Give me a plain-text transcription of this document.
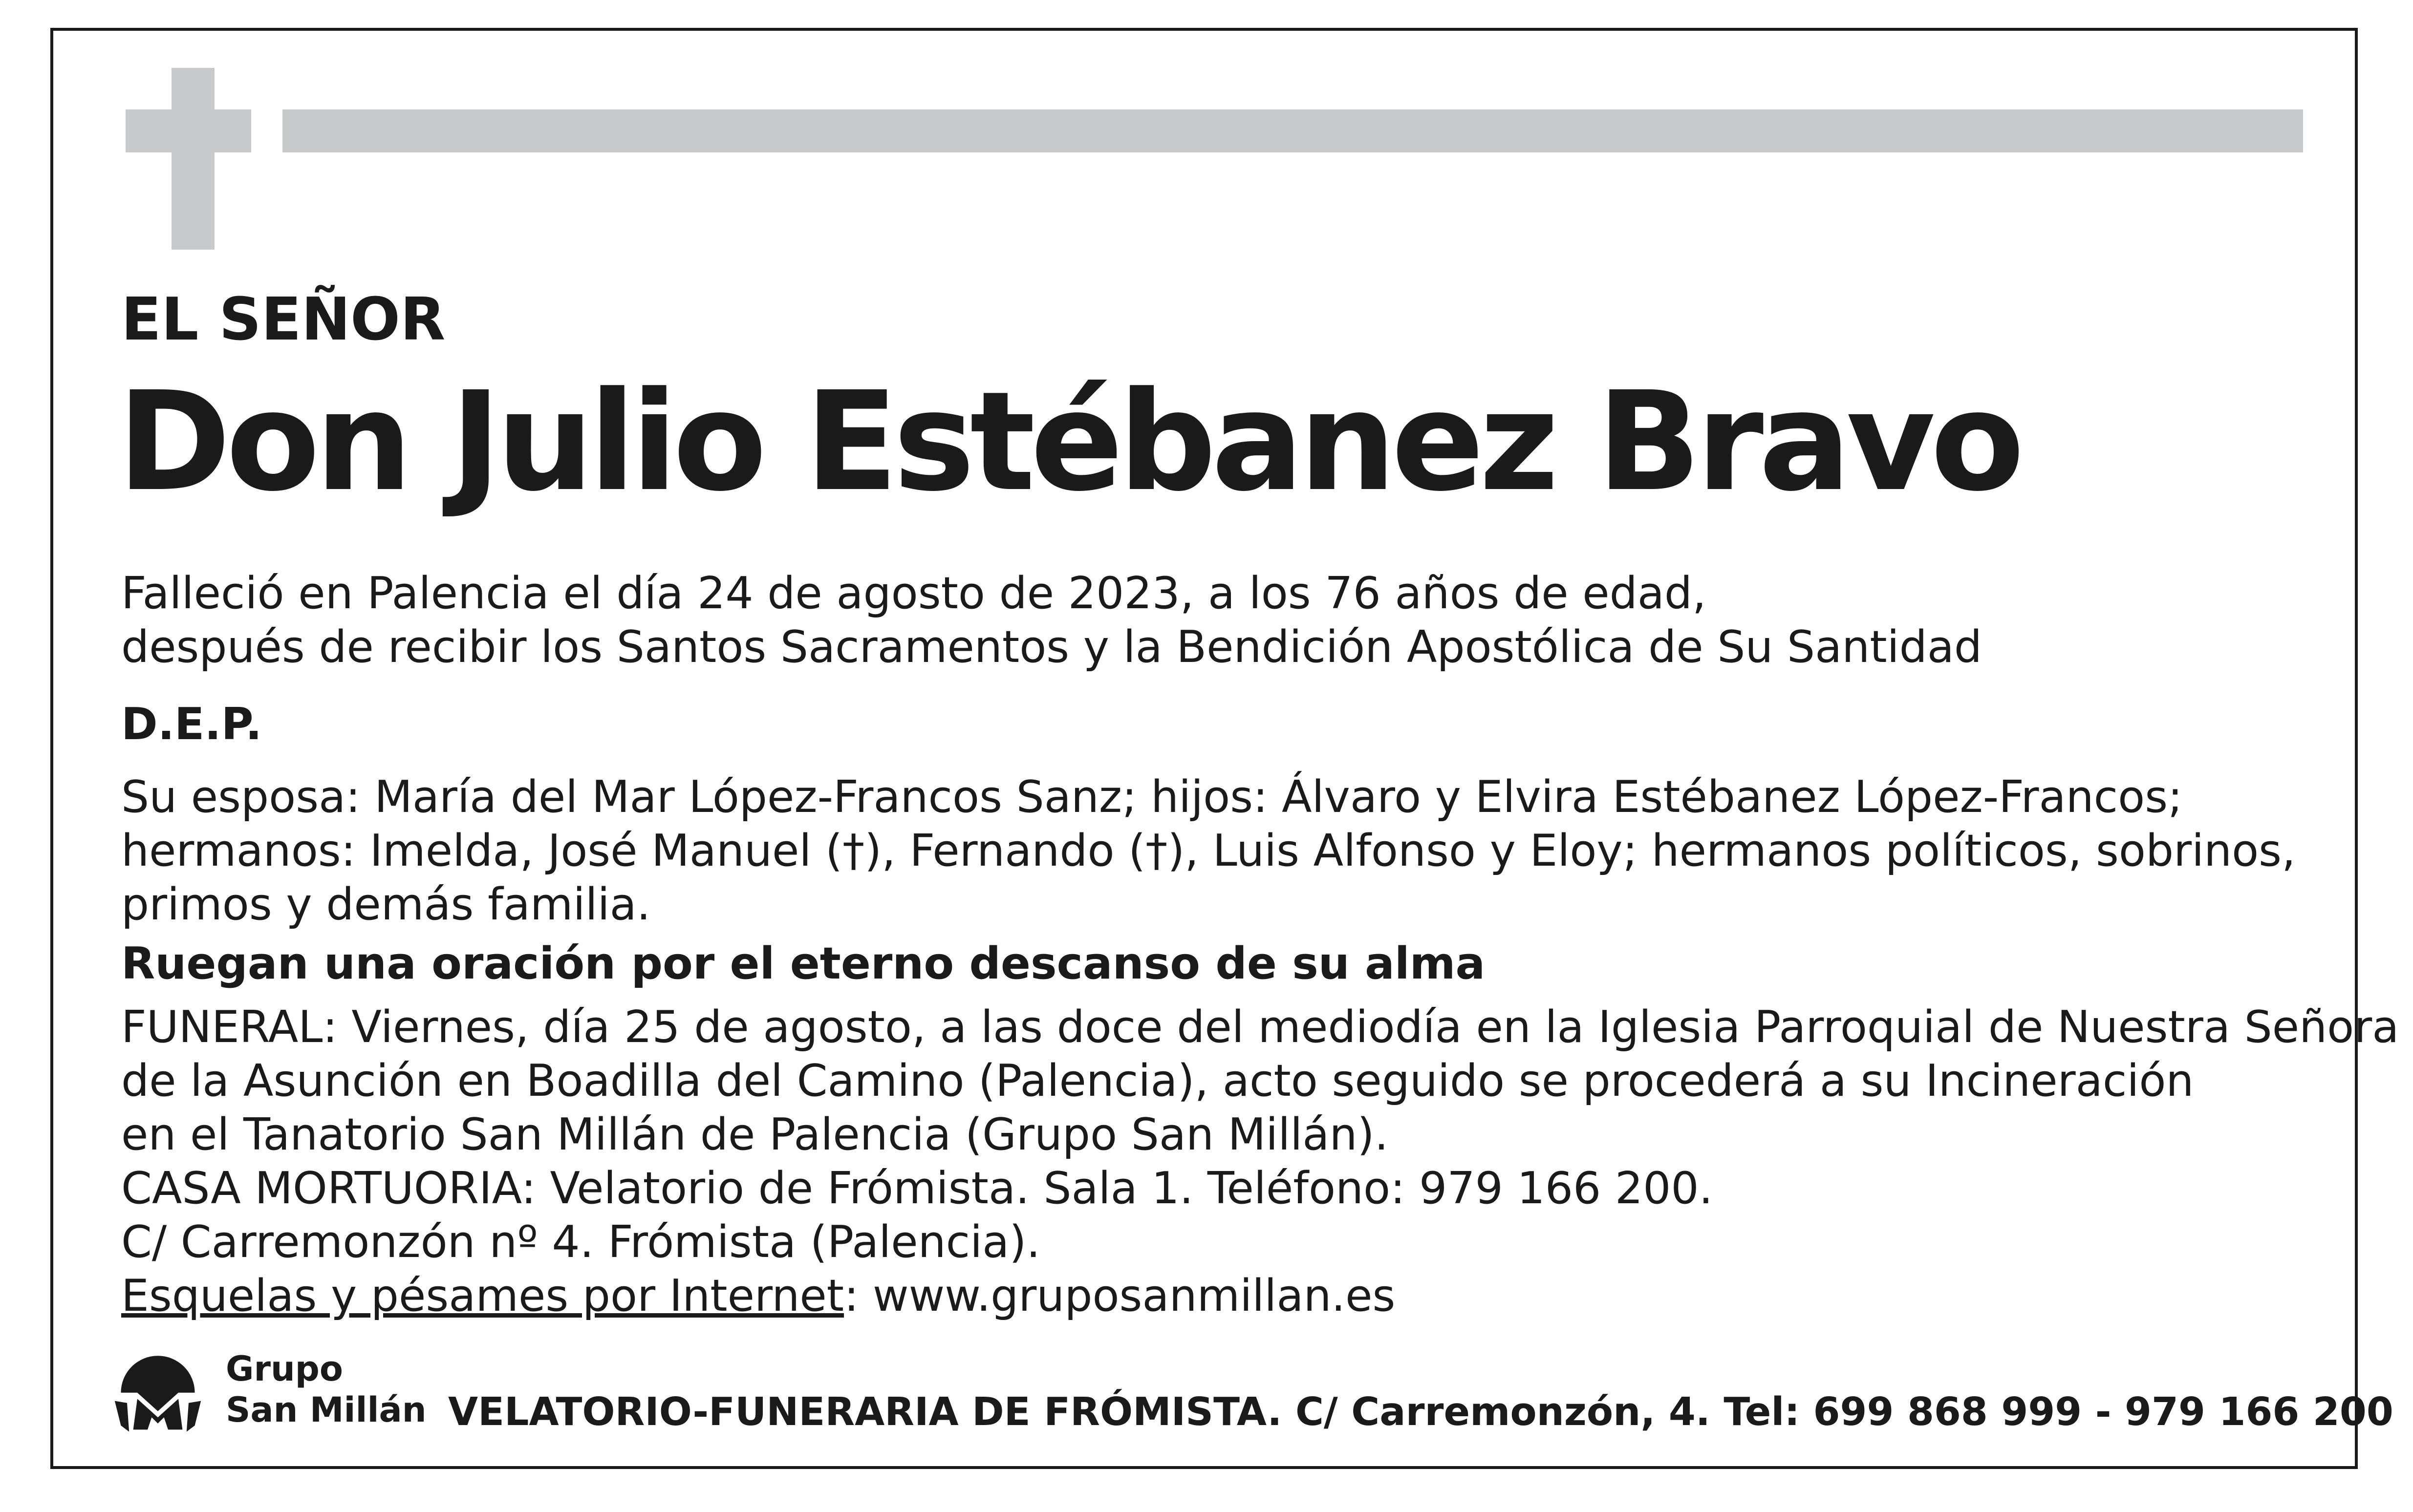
EL SEÑOR
Don Julio Estébanez Bravo
Falleció en Palencia el día 24 de agosto de 2023, a los 76 años de edad,
después de recibir los Santos Sacramentos y la Bendición Apostólica de Su Santidad
D.E.P.
Su esposa: María del Mar López-Francos Sanz; hijos: Álvaro y Elvira Estébanez López-Francos;
hermanos: Imelda, José Manuel (†), Fernando (†), Luis Alfonso y Eloy; hermanos políticos, sobrinos,
primos y demás familia.
Ruegan una oración por el eterno descanso de su alma
FUNERAL: Viernes, día 25 de agosto, a las doce del mediodía en la Iglesia Parroquial de Nuestra Señora
de la Asunción en Boadilla del Camino (Palencia), acto seguido se procederá a su Incineración
en el Tanatorio San Millán de Palencia (Grupo San Millán).
CASA MORTUORIA: Velatorio de Frómista. Sala 1. Teléfono: 979 166 200.
C/ Carremonzón nº 4. Frómista (Palencia).
Esquelas y pésames por Internet: www.gruposanmillan.es
Grupo
San Millán VELATORIO-FUNERARIA DE FRÓMISTA. C/ Carremonzón, 4. Tel: 699 868 999 - 979 166 200
